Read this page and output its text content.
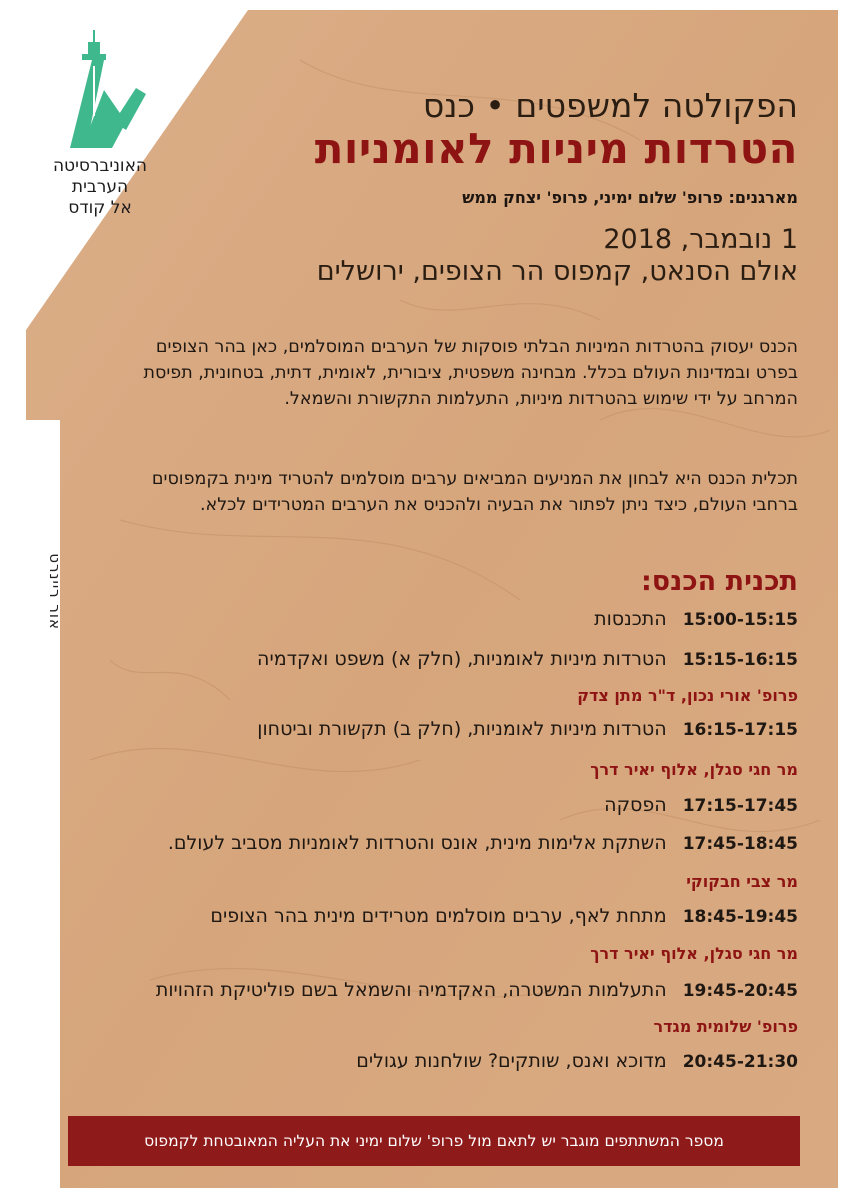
האוניברסיטה
הערבית
אל קודס
אור ריינרט
הפקולטה למשפטים • כנס
הטרדות מיניות לאומניות
מארגנים: פרופ' שלום ימיני, פרופ' יצחק ממש
1 נובמבר, 2018
אולם הסנאט, קמפוס הר הצופים, ירושלים
הכנס יעסוק בהטרדות המיניות הבלתי פוסקות של הערבים המוסלמים, כאן בהר הצופים בפרט ובמדינות העולם בכלל. מבחינה משפטית, ציבורית, לאומית, דתית, בטחונית, תפיסת המרחב על ידי שימוש בהטרדות מיניות, התעלמות התקשורת והשמאל.
תכלית הכנס היא לבחון את המניעים המביאים ערבים מוסלמים להטריד מינית בקמפוסים ברחבי העולם, כיצד ניתן לפתור את הבעיה ולהכניס את הערבים המטרידים לכלא.
תכנית הכנס:
15:00-15:15 התכנסות
15:15-16:15 הטרדות מיניות לאומניות, (חלק א) משפט ואקדמיה
פרופ' אורי נכון, ד"ר מתן צדק
16:15-17:15 הטרדות מיניות לאומניות, (חלק ב) תקשורת וביטחון
מר חגי סגלן, אלוף יאיר דרך
17:15-17:45 הפסקה
17:45-18:45 השתקת אלימות מינית, אונס והטרדות לאומניות מסביב לעולם.
מר צבי חבקוקי
18:45-19:45 מתחת לאף, ערבים מוסלמים מטרידים מינית בהר הצופים
מר חגי סגלן, אלוף יאיר דרך
19:45-20:45 התעלמות המשטרה, האקדמיה והשמאל בשם פוליטיקת הזהויות
פרופ' שלומית מגדר
20:45-21:30 מדוכא ואנס, שותקים? שולחנות עגולים
מספר המשתתפים מוגבר יש לתאם מול פרופ' שלום ימיני את העליה המאובטחת לקמפוס
